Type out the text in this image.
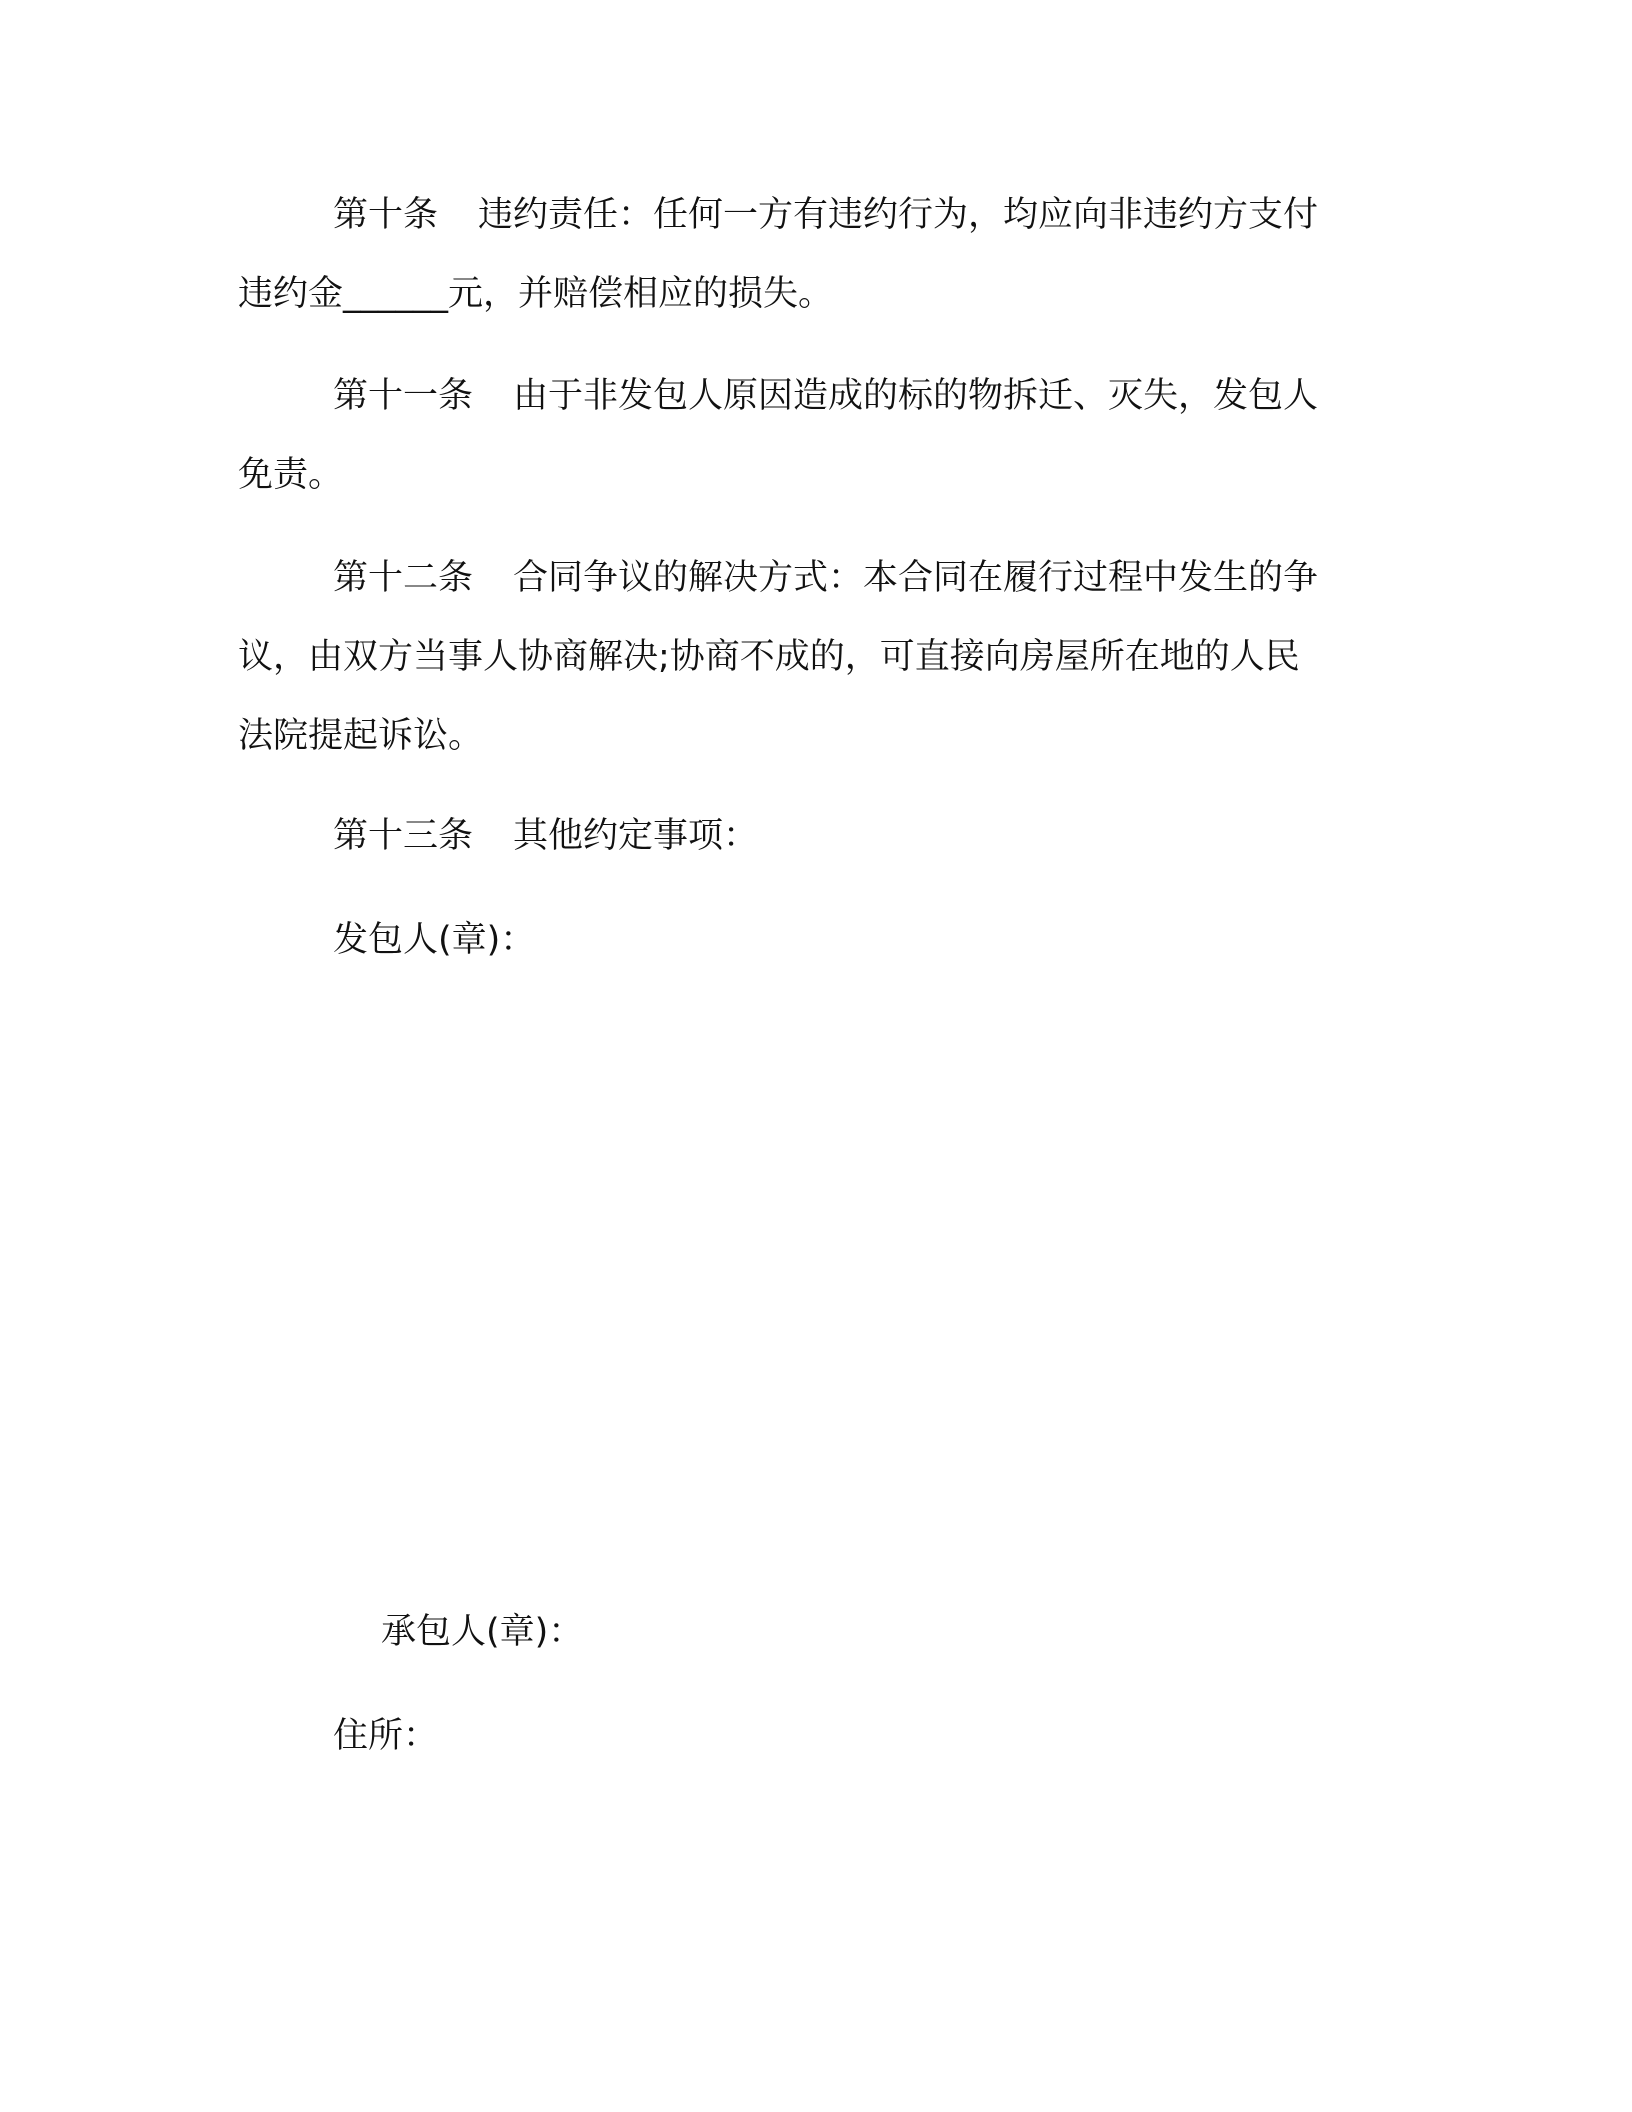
第十条 违约责任：任何一方有违约行为，均应向非违约方支付
违约金______元，并赔偿相应的损失。
第十一条 由于非发包人原因造成的标的物拆迁、灭失，发包人
免责。
第十二条 合同争议的解决方式：本合同在履行过程中发生的争
议，由双方当事人协商解决;协商不成的，可直接向房屋所在地的人民
法院提起诉讼。
第十三条 其他约定事项：
发包人(章)：
承包人(章)：
住所：
